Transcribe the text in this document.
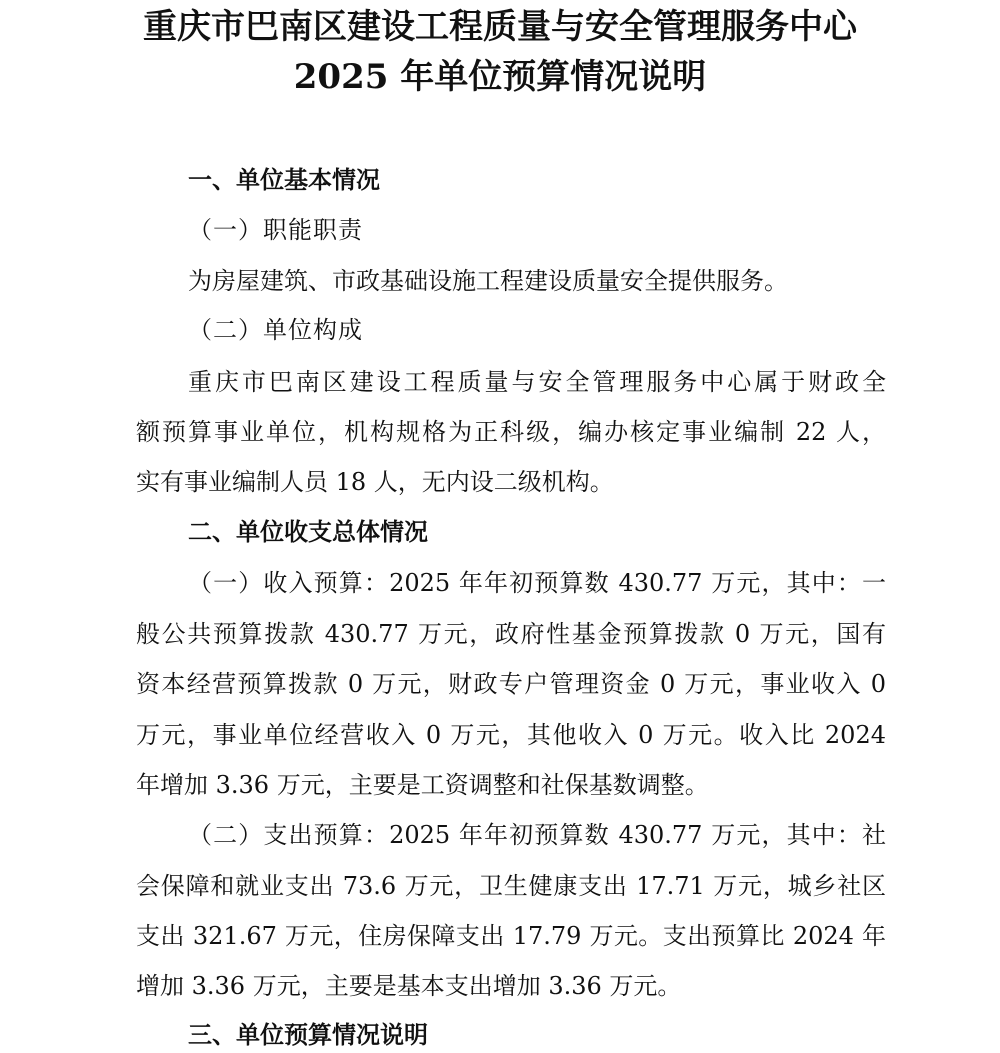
重庆市巴南区建设工程质量与安全管理服务中心
2025 年单位预算情况说明
一、单位基本情况
（一）职能职责
为房屋建筑、市政基础设施工程建设质量安全提供服务。
（二）单位构成
重庆市巴南区建设工程质量与安全管理服务中心属于财政全
额预算事业单位，机构规格为正科级，编办核定事业编制 22 人，
实有事业编制人员 18 人，无内设二级机构。
二、单位收支总体情况
（一）收入预算：2025 年年初预算数 430.77 万元，其中：一
般公共预算拨款 430.77 万元，政府性基金预算拨款 0 万元，国有
资本经营预算拨款 0 万元，财政专户管理资金 0 万元，事业收入 0
万元，事业单位经营收入 0 万元，其他收入 0 万元。收入比 2024
年增加 3.36 万元，主要是工资调整和社保基数调整。
（二）支出预算：2025 年年初预算数 430.77 万元，其中：社
会保障和就业支出 73.6 万元，卫生健康支出 17.71 万元，城乡社区
支出 321.67 万元，住房保障支出 17.79 万元。支出预算比 2024 年
增加 3.36 万元，主要是基本支出增加 3.36 万元。
三、单位预算情况说明
